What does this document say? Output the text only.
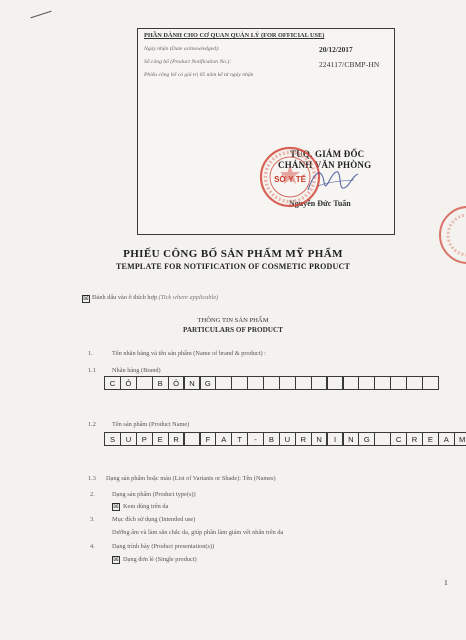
PHẦN DÀNH CHO CƠ QUAN QUẢN LÝ (FOR OFFICIAL USE)
Ngày nhận (Date acknowledged):	20/12/2017
Số công bố (Product Notification No.):	224117/CBMP-HN
Phiếu công bố có giá trị 05 năm kể từ ngày nhận
TUQ. GIÁM ĐỐC
CHÁNH VĂN PHÒNG
Nguyễn Đức Tuấn
SỞ Y TẾ
PHIẾU CÔNG BỐ SẢN PHẨM MỸ PHẨM
TEMPLATE FOR NOTIFICATION OF COSMETIC PRODUCT
☒ Đánh dấu vào ô thích hợp (Tick where applicable)
THÔNG TIN SẢN PHẨM
PARTICULARS OF PRODUCT
1.	Tên nhãn hàng và tên sản phẩm (Name of brand & product) :
1.1	Nhãn hàng (Brand)
C	Ỏ	B	Ô	N	G
1.2	Tên sản phẩm (Product Name)
S	U	P	E	R	F	A	T	-	B	U	R	N	I	N	G	C	R	E	A	M
1.3 Dạng sản phẩm hoặc màu (List of Variants or Shade): Tên (Names)
2.	Dạng sản phẩm (Product type(s))
☒ Kem dùng trên da
3.	Mục đích sử dụng (Intended use)
Dưỡng ẩm và làm săn chắc da, giúp phần làm giảm vết nhăn trên da
4.	Dạng trình bày (Product presentation(s))
☒ Dạng đơn lẻ (Single product)
1
